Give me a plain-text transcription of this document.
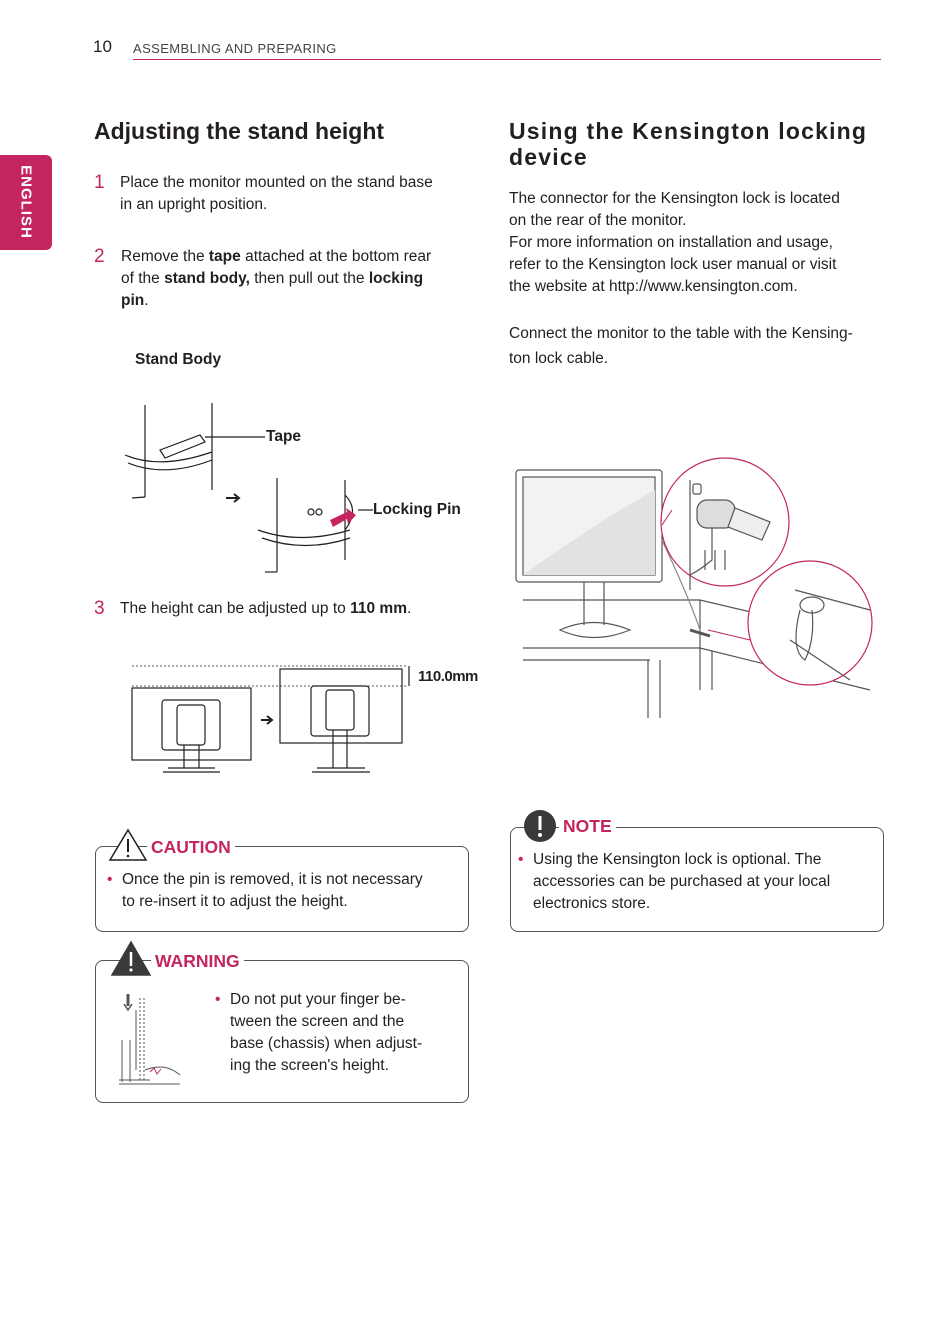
10 ASSEMBLING AND PREPARING
ENGLISH
Adjusting the stand height
1 Place the monitor mounted on the stand base
in an upright position.
2 Remove the tape attached at the bottom rear
of the stand body, then pull out the locking
pin.
Stand Body
Tape
Locking Pin
3 The height can be adjusted up to 110 mm.
110.0mm
CAUTION
• Once the pin is removed, it is not necessary
to re-insert it to adjust the height.
WARNING
• Do not put your finger be-
tween the screen and the
base (chassis) when adjust-
ing the screen's height.
Using the Kensington locking
device
The connector for the Kensington lock is located
on the rear of the monitor.
For more information on installation and usage,
refer to the Kensington lock user manual or visit
the website at http://www.kensington.com.
Connect the monitor to the table with the Kensing-
ton lock cable.
NOTE
• Using the Kensington lock is optional. The
accessories can be purchased at your local
electronics store.
